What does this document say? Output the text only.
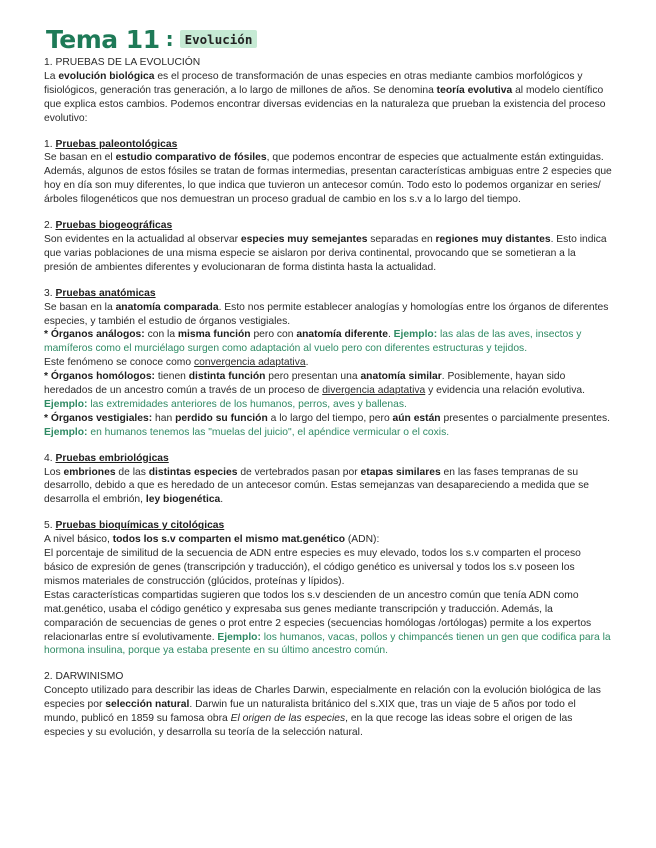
Tema 11 : Evolución

1. PRUEBAS DE LA EVOLUCIÓN

La evolución biológica es el proceso de transformación de unas especies en otras mediante cambios morfológicos y fisiológicos, generación tras generación, a lo largo de millones de años. Se denomina teoría evolutiva al modelo científico que explica estos cambios. Podemos encontrar diversas evidencias en la naturaleza que prueban la existencia del proceso evolutivo:

1. Pruebas paleontológicas

Se basan en el estudio comparativo de fósiles, que podemos encontrar de especies que actualmente están extinguidas. Además, algunos de estos fósiles se tratan de formas intermedias, presentan características ambiguas entre 2 especies que hoy en día son muy diferentes, lo que indica que tuvieron un antecesor común. Todo esto lo podemos organizar en series/árboles filogenéticos que nos demuestran un proceso gradual de cambio en los s.v a lo largo del tiempo.

2. Pruebas biogeográficas

Son evidentes en la actualidad al observar especies muy semejantes separadas en regiones muy distantes. Esto indica que varias poblaciones de una misma especie se aislaron por deriva continental, provocando que se sometieran a la presión de ambientes diferentes y evolucionaran de forma distinta hasta la actualidad.

3. Pruebas anatómicas

Se basan en la anatomía comparada. Esto nos permite establecer analogías y homologías entre los órganos de diferentes especies, y también el estudio de órganos vestigiales.

* Órganos análogos: con la misma función pero con anatomía diferente. Ejemplo: las alas de las aves, insectos y mamíferos como el murciélago surgen como adaptación al vuelo pero con diferentes estructuras y tejidos.

Este fenómeno se conoce como convergencia adaptativa.

* Órganos homólogos: tienen distinta función pero presentan una anatomía similar. Posiblemente, hayan sido heredados de un ancestro común a través de un proceso de divergencia adaptativa y evidencia una relación evolutiva. Ejemplo: las extremidades anteriores de los humanos, perros, aves y ballenas.

* Órganos vestigiales: han perdido su función a lo largo del tiempo, pero aún están presentes o parcialmente presentes. Ejemplo: en humanos tenemos las "muelas del juicio", el apéndice vermicular o el coxis.

4. Pruebas embriológicas

Los embriones de las distintas especies de vertebrados pasan por etapas similares en las fases tempranas de su desarrollo, debido a que es heredado de un antecesor común. Estas semejanzas van desapareciendo a medida que se desarrolla el embrión, ley biogenética.

5. Pruebas bioquímicas y citológicas

A nivel básico, todos los s.v comparten el mismo mat.genético (ADN):

El porcentaje de similitud de la secuencia de ADN entre especies es muy elevado, todos los s.v comparten el proceso básico de expresión de genes (transcripción y traducción), el código genético es universal y todos los s.v poseen los mismos materiales de construcción (glúcidos, proteínas y lípidos).

Estas características compartidas sugieren que todos los s.v descienden de un ancestro común que tenía ADN como mat.genético, usaba el código genético y expresaba sus genes mediante transcripción y traducción. Además, la comparación de secuencias de genes o prot entre 2 especies (secuencias homólogas /ortólogas) permite a los expertos relacionarlas entre sí evolutivamente. Ejemplo: los humanos, vacas, pollos y chimpancés tienen un gen que codifica para la hormona insulina, porque ya estaba presente en su último ancestro común.

2. DARWINISMO

Concepto utilizado para describir las ideas de Charles Darwin, especialmente en relación con la evolución biológica de las especies por selección natural. Darwin fue un naturalista británico del s.XIX que, tras un viaje de 5 años por todo el mundo, publicó en 1859 su famosa obra El origen de las especies, en la que recoge las ideas sobre el origen de las especies y su evolución, y desarrolla su teoría de la selección natural.
